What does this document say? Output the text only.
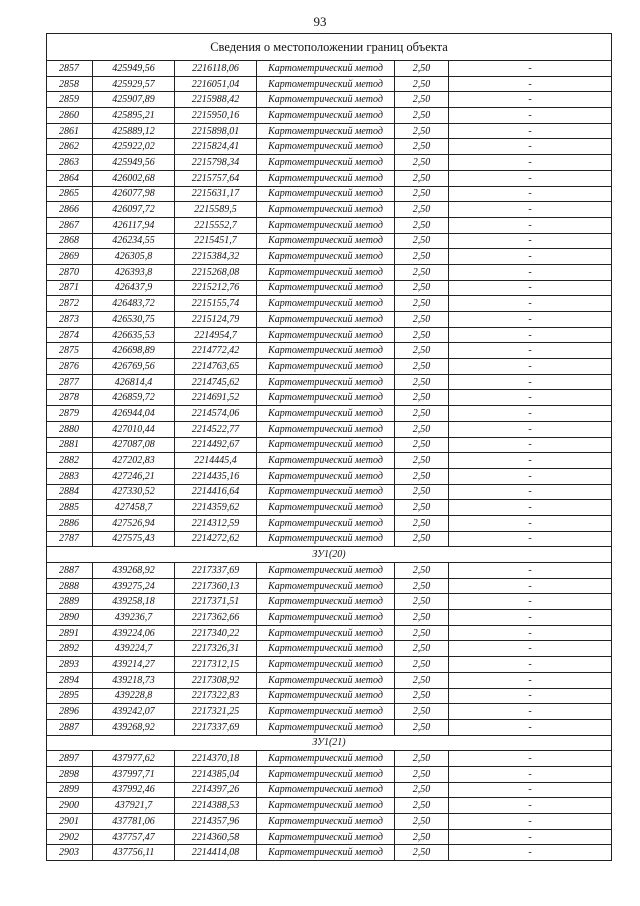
93
Сведения о местоположении границ объекта					
2857	425949,56	2216118,06	Картометрический метод	2,50	-
2858	425929,57	2216051,04	Картометрический метод	2,50	-
2859	425907,89	2215988,42	Картометрический метод	2,50	-
2860	425895,21	2215950,16	Картометрический метод	2,50	-
2861	425889,12	2215898,01	Картометрический метод	2,50	-
2862	425922,02	2215824,41	Картометрический метод	2,50	-
2863	425949,56	2215798,34	Картометрический метод	2,50	-
2864	426002,68	2215757,64	Картометрический метод	2,50	-
2865	426077,98	2215631,17	Картометрический метод	2,50	-
2866	426097,72	2215589,5	Картометрический метод	2,50	-
2867	426117,94	2215552,7	Картометрический метод	2,50	-
2868	426234,55	2215451,7	Картометрический метод	2,50	-
2869	426305,8	2215384,32	Картометрический метод	2,50	-
2870	426393,8	2215268,08	Картометрический метод	2,50	-
2871	426437,9	2215212,76	Картометрический метод	2,50	-
2872	426483,72	2215155,74	Картометрический метод	2,50	-
2873	426530,75	2215124,79	Картометрический метод	2,50	-
2874	426635,53	2214954,7	Картометрический метод	2,50	-
2875	426698,89	2214772,42	Картометрический метод	2,50	-
2876	426769,56	2214763,65	Картометрический метод	2,50	-
2877	426814,4	2214745,62	Картометрический метод	2,50	-
2878	426859,72	2214691,52	Картометрический метод	2,50	-
2879	426944,04	2214574,06	Картометрический метод	2,50	-
2880	427010,44	2214522,77	Картометрический метод	2,50	-
2881	427087,08	2214492,67	Картометрический метод	2,50	-
2882	427202,83	2214445,4	Картометрический метод	2,50	-
2883	427246,21	2214435,16	Картометрический метод	2,50	-
2884	427330,52	2214416,64	Картометрический метод	2,50	-
2885	427458,7	2214359,62	Картометрический метод	2,50	-
2886	427526,94	2214312,59	Картометрический метод	2,50	-
2787	427575,43	2214272,62	Картометрический метод	2,50	-
ЗУ1(20)					
2887	439268,92	2217337,69	Картометрический метод	2,50	-
2888	439275,24	2217360,13	Картометрический метод	2,50	-
2889	439258,18	2217371,51	Картометрический метод	2,50	-
2890	439236,7	2217362,66	Картометрический метод	2,50	-
2891	439224,06	2217340,22	Картометрический метод	2,50	-
2892	439224,7	2217326,31	Картометрический метод	2,50	-
2893	439214,27	2217312,15	Картометрический метод	2,50	-
2894	439218,73	2217308,92	Картометрический метод	2,50	-
2895	439228,8	2217322,83	Картометрический метод	2,50	-
2896	439242,07	2217321,25	Картометрический метод	2,50	-
2887	439268,92	2217337,69	Картометрический метод	2,50	-
ЗУ1(21)					
2897	437977,62	2214370,18	Картометрический метод	2,50	-
2898	437997,71	2214385,04	Картометрический метод	2,50	-
2899	437992,46	2214397,26	Картометрический метод	2,50	-
2900	437921,7	2214388,53	Картометрический метод	2,50	-
2901	437781,06	2214357,96	Картометрический метод	2,50	-
2902	437757,47	2214360,58	Картометрический метод	2,50	-
2903	437756,11	2214414,08	Картометрический метод	2,50	-
